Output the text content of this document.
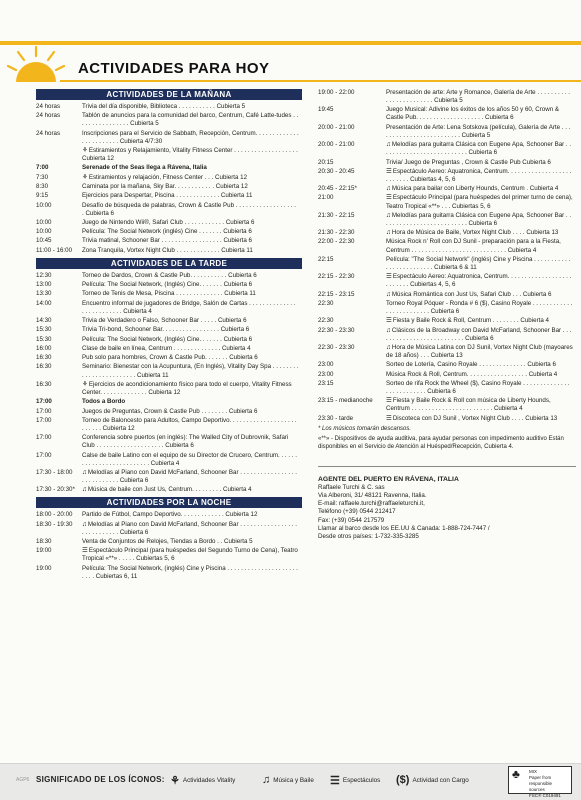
ACTIVIDADES PARA HOY
ACTIVIDADES DE LA MAÑANA
24 horas	Trivia del día disponible, Biblioteca . . . . . . . . . . . Cubierta 5
24 horas	Tablón de anuncios para la comunidad del barco, Centrum, Café Latte-tudes . . . . . . . . . . . . . . . . Cubierta 5
24 horas	Inscripciones para el Servicio de Sabbath, Recepción, Centrum. . . . . . . . . . . . . . . . . . . . . . . . Cubierta 4/7:30
⚘Estiramientos y Relajamiento, Vitality Fitness Center . . . . . . . . . . . . . . . . . . . Cubierta 12
7:00	Serenade of the Seas llega a Rávena, Italia
7:30	⚘Estiramientos y relajación, Fitness Center . . . Cubierta 12
8:30	Caminata por la mañana, Sky Bar. . . . . . . . . . . . Cubierta 12
9:15	Ejercicios para Despertar, Piscina . . . . . . . . . . . . . Cubierta 11
10:00	Desafío de búsqueda de palabras, Crown & Castle Pub . . . . . . . . . . . . . . . . . . . Cubierta 6
10:00	Juego de Nintendo Wii®, Safari Club . . . . . . . . . . . . Cubierta 6
10:00	Película: The Social Network (inglés) Cine . . . . . . . Cubierta 6
10:45	Trivia matinal, Schooner Bar . . . . . . . . . . . . . . . . . . Cubierta 6
11:00 - 16:00	Zona Tranquila, Vortex Night Club . . . . . . . . . . . . . Cubierta 11
ACTIVIDADES DE LA TARDE
12:30	Torneo de Dardos, Crown & Castle Pub. . . . . . . . . . . Cubierta 6
13:00	Película: The Social Network, (Inglés) Cine. . . . . . . Cubierta 6
13:30	Torneo de Tenis de Mesa, Piscina . . . . . . . . . . . . . . Cubierta 11
14:00	Encuentro informal de jugadores de Bridge, Salón de Cartas . . . . . . . . . . . . . . . . . . . . . . . . . . Cubierta 4
14:30	Trivia de Verdadero o Falso, Schooner Bar . . . . . Cubierta 6
15:30	Trivia Tri-bond, Schooner Bar. . . . . . . . . . . . . . . . . Cubierta 6
15:30	Película: The Social Network, (Inglés) Cine. . . . . . . Cubierta 6
16:00	Clase de baile en línea, Centrum . . . . . . . . . . . . . . Cubierta 4
16:30	Pub solo para hombres, Crown & Castle Pub. . . . . . . Cubierta 6
16:30	Seminario: Bienestar con la Acupuntura, (En Inglés), Vitality Day Spa . . . . . . . . . . . . . . . . . . . . . . . . Cubierta 11
16:30	⚘Ejercicios de acondicionamiento físico para todo el cuerpo, Vitality Fitness Center. . . . . . . . . . . . . . Cubierta 12
17:00	Todos a Bordo
17:00	Juegos de Preguntas, Crown & Castle Pub . . . . . . . . Cubierta 6
17:00	Torneo de Baloncesto para Adultos, Campo Deportivo. . . . . . . . . . . . . . . . . . . . . . . . . . Cubierta 12
17:00	Conferencia sobre puertos (en inglés): The Walled City of Dubrovnik, Safari Club . . . . . . . . . . . . . . . . . . . . Cubierta 6
17:00	Calse de baile Latino con el equipo de su Director de Crucero, Centrum. . . . . . . . . . . . . . . . . . . . . . . . . . Cubierta 4
17:30 - 18:00	♫Melodías al Piano con David McFarland, Schooner Bar . . . . . . . . . . . . . . . . . . . . . . . . . . . . Cubierta 6
17:30 - 20:30*	♫Música de baile con Just Us, Centrum. . . . . . . . . Cubierta 4
ACTIVIDADES POR LA NOCHE
18:00 - 20:00	Partido de Fútbol, Campo Deportivo. . . . . . . . . . . . . Cubierta 12
18:30 - 19:30	♫Melodías al Piano con David McFarland, Schooner Bar . . . . . . . . . . . . . . . . . . . . . . . . . . . . Cubierta 6
18:30	Venta de Conjuntos de Relojes, Tiendas a Bordo . . Cubierta 5
19:00	☰Espectáculo Principal (para huéspedes del Segundo Turno de Cena), Teatro Tropical «**» . . . . . Cubiertas 5, 6
19:00	Película: The Social Network, (inglés) Cine y Piscina . . . . . . . . . . . . . . . . . . . . . . . . . Cubiertas 6, 11
19:00 - 22:00	Presentación de arte: Arte y Romance, Galería de Arte . . . . . . . . . . . . . . . . . . . . . . . . Cubierta 5
19:45	Juego Musical: Adivine los éxitos de los años 50 y 60, Crown & Castle Pub. . . . . . . . . . . . . . . . . . . . Cubierta 6
20:00 - 21:00	Presentación de Arte: Lena Sotskova (película), Galería de Arte . . . . . . . . . . . . . . . . . . . . . . . . . Cubierta 5
20:00 - 21:00	♫Melodías para guitarra Clásica con Eugene Apa, Schooner Bar . . . . . . . . . . . . . . . . . . . . . . . . . . Cubierta 6
20:15	Trivia/ Juego de Preguntas , Crown & Castle Pub Cubierta 6
20:30 - 20:45	☰Espectáculo Aereo: Aquatronica, Centrum. . . . . . . . . . . . . . . . . . . . . . . . . . Cubiertas 4, 5, 6
20:45 - 22:15*	♫Música para bailar con Liberty Hounds, Centrum . Cubierta 4
21:00	☰Espectáculo Principal (para huéspedes del primer turno de cena), Teatro Tropical «**» . . . Cubiertas 5, 6
21:30 - 22:15	♫Melodías para guitarra Clásica con Eugene Apa, Schooner Bar . . . . . . . . . . . . . . . . . . . . . . . . . . Cubierta 6
21:30 - 22:30	♫Hora de Música de Baile, Vortex Night Club . . . . Cubierta 13
22:00 - 22:30	Música Rock n' Roll con DJ Sunil - preparación para a la Fiesta, Centrum . . . . . . . . . . . . . . . . . . . . . . . . . . . . Cubierta 4
22:15	Película: "The Social Network" (inglés) Cine y Piscina . . . . . . . . . . . . . . . . . . . . . . . . . Cubierta 6 & 11
22:15 - 22:30	☰Espectáculo Aereo: Aquatronica, Centrum. . . . . . . . . . . . . . . . . . . . . . . . . . Cubiertas 4, 5, 6
22:15 - 23:15	♫Música Romántica con Just Us, Safari Club . . . Cubierta 6
22:30	Torneo Royal Póquer - Ronda # 6 ($), Casino Royale . . . . . . . . . . . . . . . . . . . . . . . . . Cubierta 6
22:30	☰Fiesta y Baile Rock & Roll, Centrum . . . . . . . . Cubierta 4
22:30 - 23:30	♫Clásicos de la Broadway con David McFarland, Schooner Bar . . . . . . . . . . . . . . . . . . . . . . . . . . Cubierta 6
22:30 - 23:30	♫Hora de Música Latina con DJ Sunil, Vortex Night Club (mayoares de 18 años) . . . Cubierta 13
23:00	Sorteo de Lotería, Casino Royale . . . . . . . . . . . . . . Cubierta 6
23:00	Música Rock & Roll, Centrum. . . . . . . . . . . . . . . . . . Cubierta 4
23:15	Sorteo de rifa Rock the Wheel ($), Casino Royale . . . . . . . . . . . . . . . . . . . . . . . . . . Cubierta 6
23:15 - medianoche	☰Fiesta y Baile Rock & Roll con música de Liberty Hounds, Centrum . . . . . . . . . . . . . . . . . . . . . . . . Cubierta 4
23:30 - tarde	☰Discoteca con DJ Sunil , Vortex Night Club . . . . Cubierta 13
* Los músicos tomarán descansos.
«**» - Dispositivos de ayuda auditiva, para ayudar personas con impedimento auditivo Están disponibles en el Servicio de Atención al Huésped/Recepción, Cubierta 4.
AGENTE DEL PUERTO EN RÁVENA, ITALIA
Raffaele Turchi & C. sas
Via Alberoni, 31/ 48121 Ravenna, Italia.
E-mail: raffaele.turchi@raffaeleturchi.it,
Teléfono (+39) 0544 212417
Fax: (+39) 0544 217579
Llamar al barco desde los EE.UU & Canada: 1-888-724-7447 /
Desde otros países: 1-732-335-3285
AGP6 SIGNIFICADO DE LOS ÍCONOS: ⚘ Actividades Vitality ♫ Música y Baile ☰ Espectáculos ($) Actividad con Cargo	♣ MIX
Paper from responsible sources
FSC® C019491
